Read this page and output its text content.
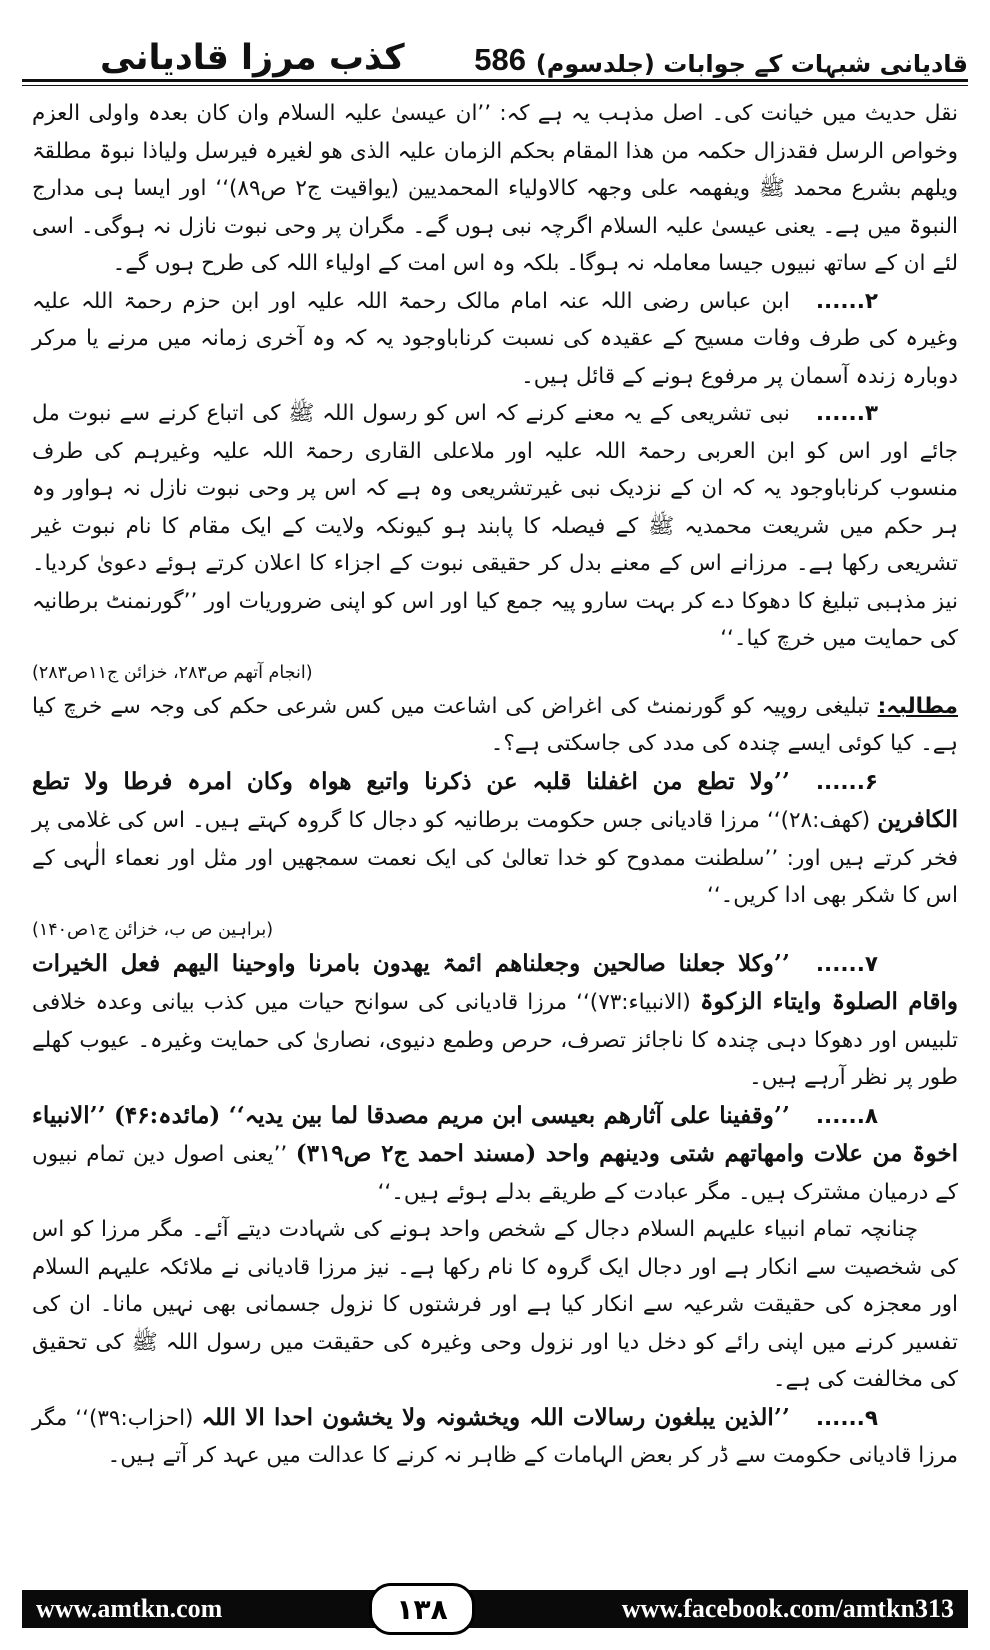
کذب مرزا قادیانی 586 قادیانی شبہات کے جوابات (جلدسوم)

نقل حدیث میں خیانت کی۔ اصل مذہب یہ ہے کہ: ’’ان عیسیٰ علیہ السلام وان کان بعدہ واولی العزم وخواص الرسل فقدزال حکمہ من ھذا المقام بحکم الزمان علیہ الذی ھو لغیرہ فیرسل ولیاذا نبوۃ مطلقۃ ویلھم بشرع محمد ﷺ ویفھمہ علی وجھہ کالاولیاء المحمدیین (یواقیت ج۲ ص۸۹)‘‘ اور ایسا ہی مدارج النبوۃ میں ہے۔ یعنی عیسیٰ علیہ السلام اگرچہ نبی ہوں گے۔ مگران پر وحی نبوت نازل نہ ہوگی۔ اسی لئے ان کے ساتھ نبیوں جیسا معاملہ نہ ہوگا۔ بلکہ وہ اس امت کے اولیاء اللہ کی طرح ہوں گے۔

۲......ابن عباس رضی اللہ عنہ امام مالک رحمۃ اللہ علیہ اور ابن حزم رحمۃ اللہ علیہ وغیرہ کی طرف وفات مسیح کے عقیدہ کی نسبت کرناباوجود یہ کہ وہ آخری زمانہ میں مرنے یا مرکر دوبارہ زندہ آسمان پر مرفوع ہونے کے قائل ہیں۔

۳......نبی تشریعی کے یہ معنے کرنے کہ اس کو رسول اللہ ﷺ کی اتباع کرنے سے نبوت مل جائے اور اس کو ابن العربی رحمۃ اللہ علیہ اور ملاعلی القاری رحمۃ اللہ علیہ وغیرہم کی طرف منسوب کرناباوجود یہ کہ ان کے نزدیک نبی غیرتشریعی وہ ہے کہ اس پر وحی نبوت نازل نہ ہواور وہ ہر حکم میں شریعت محمدیہ ﷺ کے فیصلہ کا پابند ہو کیونکہ ولایت کے ایک مقام کا نام نبوت غیر تشریعی رکھا ہے۔ مرزانے اس کے معنے بدل کر حقیقی نبوت کے اجزاء کا اعلان کرتے ہوئے دعویٰ کردیا۔ نیز مذہبی تبلیغ کا دھوکا دے کر بہت سارو پیہ جمع کیا اور اس کو اپنی ضروریات اور ’’گورنمنٹ برطانیہ کی حمایت میں خرچ کیا۔‘‘

(انجام آتھم ص۲۸۳، خزائن ج۱۱ص۲۸۳)

مطالبہ: تبلیغی روپیہ کو گورنمنٹ کی اغراض کی اشاعت میں کس شرعی حکم کی وجہ سے خرچ کیا ہے۔ کیا کوئی ایسے چندہ کی مدد کی جاسکتی ہے؟۔

۶......’’ولا تطع من اغفلنا قلبہ عن ذکرنا واتبع ھواہ وکان امرہ فرطا ولا تطع الکافرین (کھف:۲۸)‘‘ مرزا قادیانی جس حکومت برطانیہ کو دجال کا گروہ کہتے ہیں۔ اس کی غلامی پر فخر کرتے ہیں اور: ’’سلطنت ممدوح کو خدا تعالیٰ کی ایک نعمت سمجھیں اور مثل اور نعماء الٰہی کے اس کا شکر بھی ادا کریں۔‘‘

(براہین ص ب، خزائن ج۱ص۱۴۰)

۷......’’وکلا جعلنا صالحین وجعلناھم ائمۃ یھدون بامرنا واوحینا الیھم فعل الخیرات واقام الصلوۃ وایتاء الزکوۃ (الانبیاء:۷۳)‘‘ مرزا قادیانی کی سوانح حیات میں کذب بیانی وعدہ خلافی تلبیس اور دھوکا دہی چندہ کا ناجائز تصرف، حرص وطمع دنیوی، نصاریٰ کی حمایت وغیرہ۔ عیوب کھلے طور پر نظر آرہے ہیں۔

۸......’’وقفینا علی آثارھم بعیسی ابن مریم مصدقا لما بین یدیہ‘‘ (مائدہ:۴۶) ’’الانبیاء اخوۃ من علات وامھاتھم شتی ودینھم واحد (مسند احمد ج۲ ص۳۱۹) ’’یعنی اصول دین تمام نبیوں کے درمیان مشترک ہیں۔ مگر عبادت کے طریقے بدلے ہوئے ہیں۔‘‘

چنانچہ تمام انبیاء علیہم السلام دجال کے شخص واحد ہونے کی شہادت دیتے آئے۔ مگر مرزا کو اس کی شخصیت سے انکار ہے اور دجال ایک گروہ کا نام رکھا ہے۔ نیز مرزا قادیانی نے ملائکہ علیہم السلام اور معجزہ کی حقیقت شرعیہ سے انکار کیا ہے اور فرشتوں کا نزول جسمانی بھی نہیں مانا۔ ان کی تفسیر کرنے میں اپنی رائے کو دخل دیا اور نزول وحی وغیرہ کی حقیقت میں رسول اللہ ﷺ کی تحقیق کی مخالفت کی ہے۔

۹......’’الذین یبلغون رسالات اللہ ویخشونہ ولا یخشون احدا الا اللہ (احزاب:۳۹)‘‘ مگر مرزا قادیانی حکومت سے ڈر کر بعض الہامات کے ظاہر نہ کرنے کا عدالت میں عہد کر آتے ہیں۔

www.amtkn.com	۱۳۸	www.facebook.com/amtkn313
